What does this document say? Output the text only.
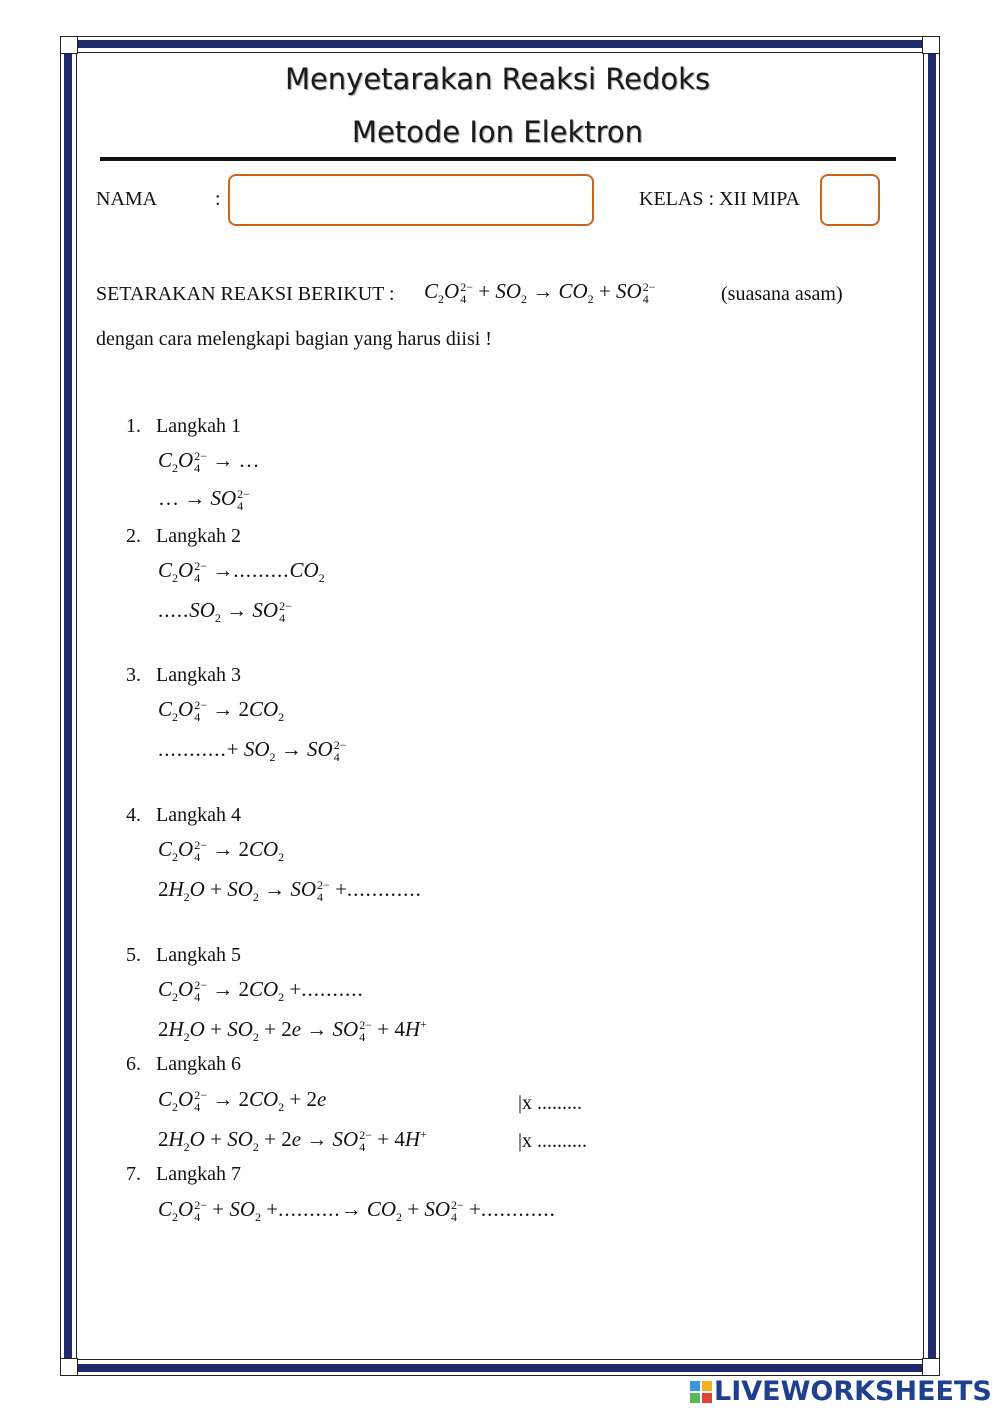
Menyetarakan Reaksi Redoks
Metode Ion Elektron
NAMA	:	KELAS : XII MIPA
SETARAKAN REAKSI BERIKUT : $C_2O$ 2−
$4 + SO_2 \to CO_2$ + SO 2−
4	(suasana asam)
dengan cara melengkapi bagian yang harus diisi !
1. Langkah 1
$C_2O$ 2−
4 → …
… → SO 2−
4
2. Langkah 2
$C_2O$ 2−
$4 \to.........CO_2$
$.....SO_2$ → SO 2−
4
3. Langkah 3
$C_2O$ 2−
$4 \to 2CO_2$
...........+ $SO_2$ → SO 2−
4
4. Langkah 4
$C_2O$ 2−
$4 \to 2CO_2$
$2H_2O + SO_2$ → SO 2−
4 +............
5. Langkah 5
$C_2O$ 2−
$4 \to 2CO_2$ +..........
$2H_2O + SO_2 + 2e$ → SO 2−
4 + 4H+
6. Langkah 6
$C_2O$ 2−
$4 \to 2CO_2 + 2e$	|x .........
$2H_2O + SO_2 + 2e$ → SO 2−
4 + 4H+	|x ..........
7. Langkah 7
$C_2O$ 2−
$4 + SO_2$ +..........→ $CO_2$ + SO 2−
4 +............
LIVEWORKSHEETS
